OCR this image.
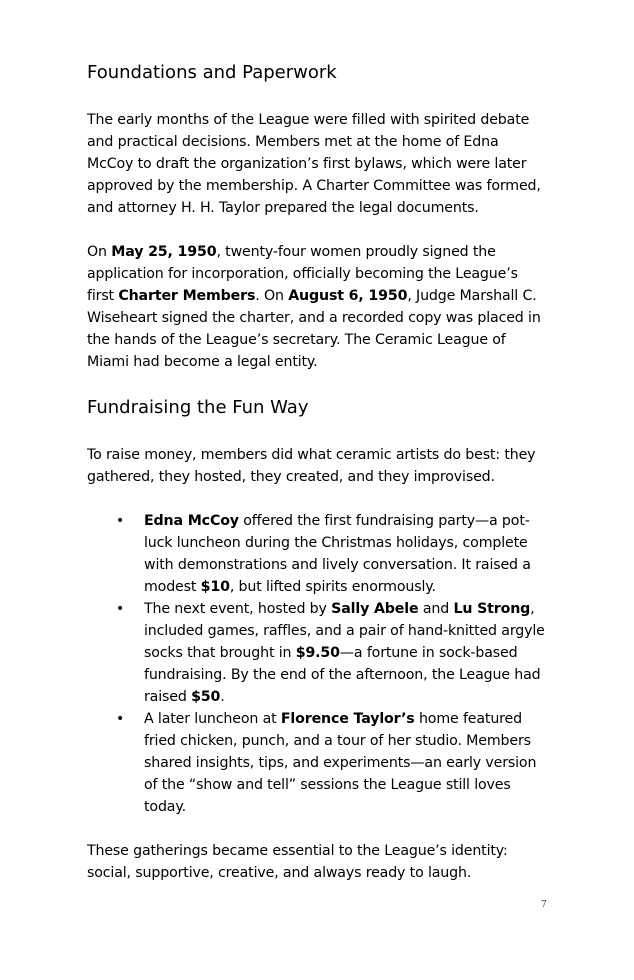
Foundations and Paperwork

The early months of the League were filled with spirited debate and practical decisions. Members met at the home of Edna McCoy to draft the organization’s first bylaws, which were later approved by the membership. A Charter Committee was formed, and attorney H. H. Taylor prepared the legal documents.

On May 25, 1950, twenty-four women proudly signed the application for incorporation, officially becoming the League’s first Charter Members. On August 6, 1950, Judge Marshall C. Wiseheart signed the charter, and a recorded copy was placed in the hands of the League’s secretary. The Ceramic League of Miami had become a legal entity.

Fundraising the Fun Way

To raise money, members did what ceramic artists do best: they gathered, they hosted, they created, and they improvised.

• Edna McCoy offered the first fundraising party—a pot-luck luncheon during the Christmas holidays, complete with demonstrations and lively conversation. It raised a modest $10, but lifted spirits enormously.
• The next event, hosted by Sally Abele and Lu Strong, included games, raffles, and a pair of hand-knitted argyle socks that brought in $9.50—a fortune in sock-based fundraising. By the end of the afternoon, the League had raised $50.
• A later luncheon at Florence Taylor’s home featured fried chicken, punch, and a tour of her studio. Members shared insights, tips, and experiments—an early version of the “show and tell” sessions the League still loves today.

These gatherings became essential to the League’s identity: social, supportive, creative, and always ready to laugh.

7
